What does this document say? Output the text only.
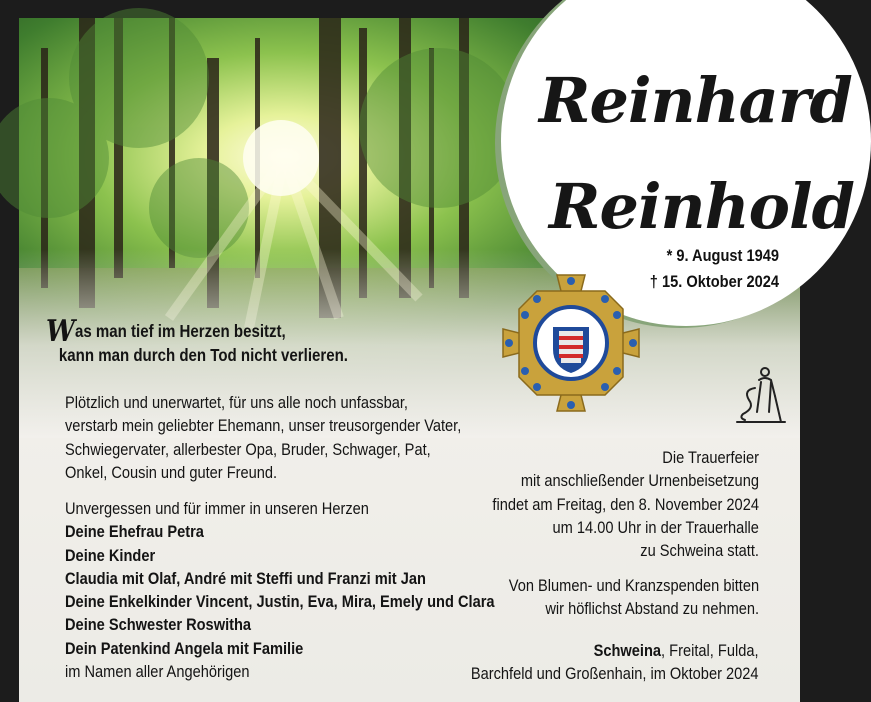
Reinhard
Reinhold
* 9. August 1949
† 15. Oktober 2024
Was man tief im Herzen besitzt,
kann man durch den Tod nicht verlieren.
Plötzlich und unerwartet, für uns alle noch unfassbar,
verstarb mein geliebter Ehemann, unser treusorgender Vater,
Schwiegervater, allerbester Opa, Bruder, Schwager, Pat,
Onkel, Cousin und guter Freund.
Unvergessen und für immer in unseren Herzen
Deine Ehefrau Petra
Deine Kinder
Claudia mit Olaf, André mit Steffi und Franzi mit Jan
Deine Enkelkinder Vincent, Justin, Eva, Mira, Emely und Clara
Deine Schwester Roswitha
Dein Patenkind Angela mit Familie
im Namen aller Angehörigen
Die Trauerfeier
mit anschließender Urnenbeisetzung
findet am Freitag, den 8. November 2024
um 14.00 Uhr in der Trauerhalle
zu Schweina statt.
Von Blumen- und Kranzspenden bitten
wir höflichst Abstand zu nehmen.
Schweina, Freital, Fulda,
Barchfeld und Großenhain, im Oktober 2024
